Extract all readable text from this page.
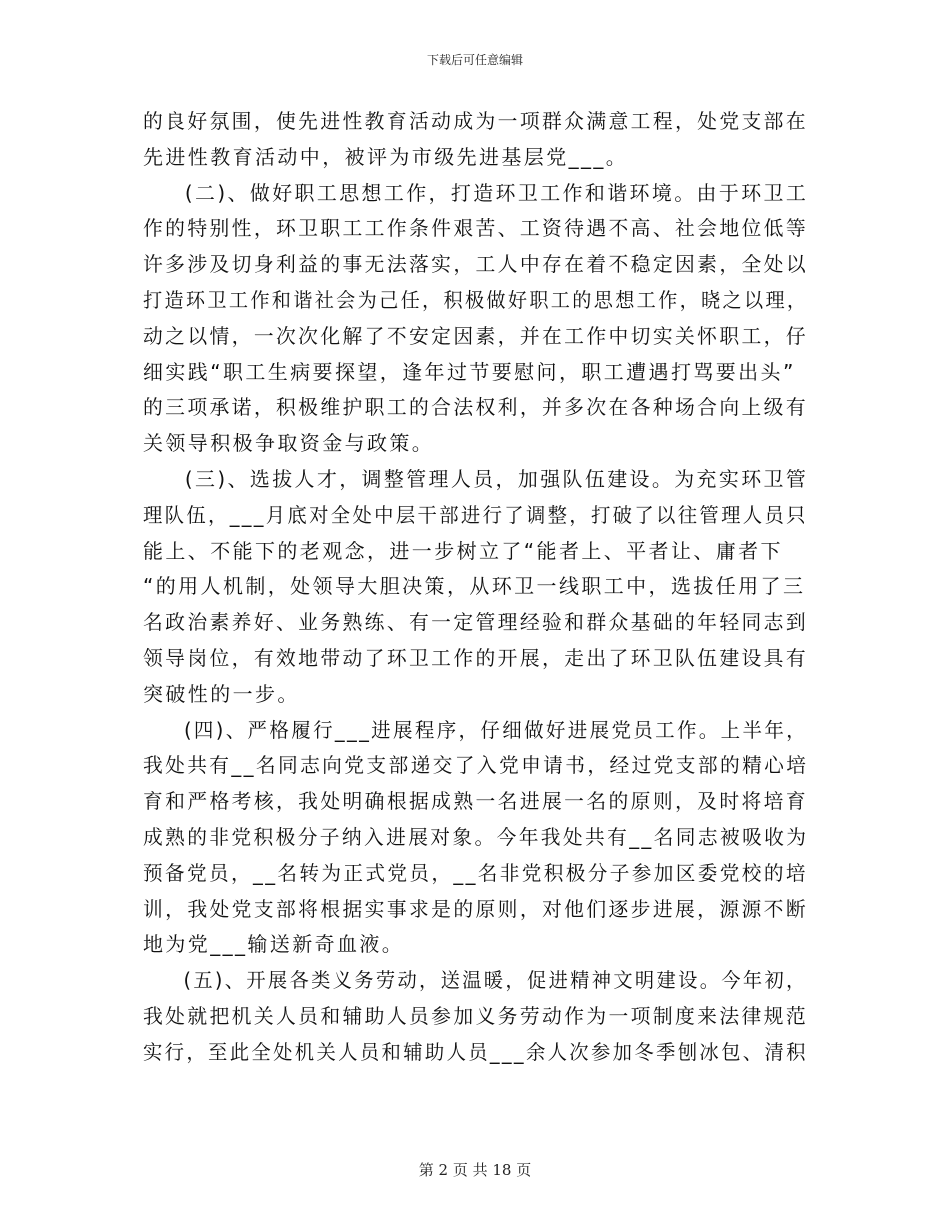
下载后可任意编辑
的良好氛围，使先进性教育活动成为一项群众满意工程，处党支部在
先进性教育活动中，被评为市级先进基层党___。
(二)、做好职工思想工作，打造环卫工作和谐环境。由于环卫工
作的特别性，环卫职工工作条件艰苦、工资待遇不高、社会地位低等
许多涉及切身利益的事无法落实，工人中存在着不稳定因素，全处以
打造环卫工作和谐社会为己任，积极做好职工的思想工作，晓之以理，
动之以情，一次次化解了不安定因素，并在工作中切实关怀职工，仔
细实践“职工生病要探望，逢年过节要慰问，职工遭遇打骂要出头”
的三项承诺，积极维护职工的合法权利，并多次在各种场合向上级有
关领导积极争取资金与政策。
(三)、选拔人才，调整管理人员，加强队伍建设。为充实环卫管
理队伍，___月底对全处中层干部进行了调整，打破了以往管理人员只
能上、不能下的老观念，进一步树立了“能者上、平者让、庸者下
“的用人机制，处领导大胆决策，从环卫一线职工中，选拔任用了三
名政治素养好、业务熟练、有一定管理经验和群众基础的年轻同志到
领导岗位，有效地带动了环卫工作的开展，走出了环卫队伍建设具有
突破性的一步。
(四)、严格履行___进展程序，仔细做好进展党员工作。上半年，
我处共有__名同志向党支部递交了入党申请书，经过党支部的精心培
育和严格考核，我处明确根据成熟一名进展一名的原则，及时将培育
成熟的非党积极分子纳入进展对象。今年我处共有__名同志被吸收为
预备党员，__名转为正式党员，__名非党积极分子参加区委党校的培
训，我处党支部将根据实事求是的原则，对他们逐步进展，源源不断
地为党___输送新奇血液。
(五)、开展各类义务劳动，送温暖，促进精神文明建设。今年初，
我处就把机关人员和辅助人员参加义务劳动作为一项制度来法律规范
实行，至此全处机关人员和辅助人员___余人次参加冬季刨冰包、清积
第 2 页 共 18 页
